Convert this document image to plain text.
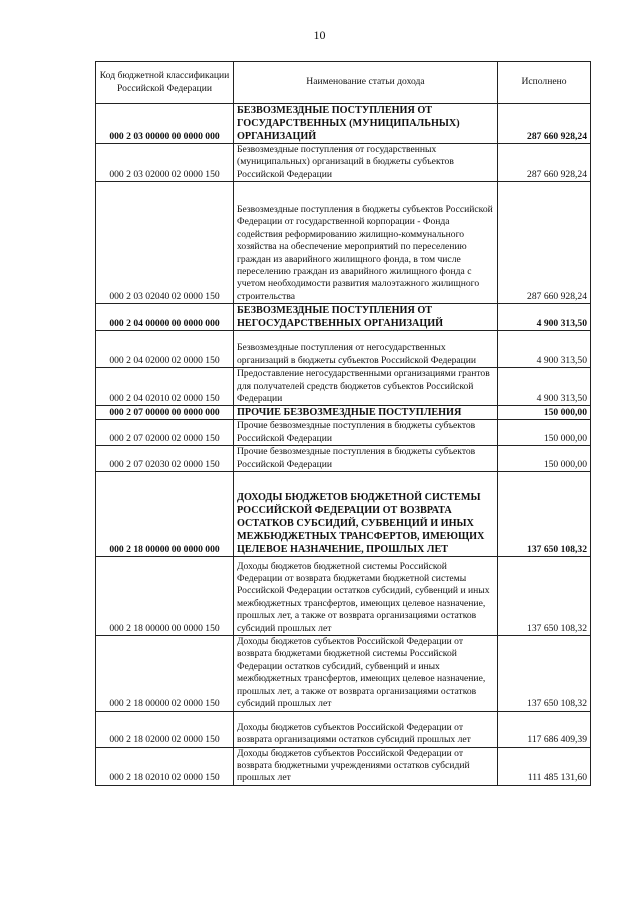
10
Код бюджетной классификации Российской Федерации	Наименование статьи дохода	Исполнено
000 2 03 00000 00 0000 000	БЕЗВОЗМЕЗДНЫЕ ПОСТУПЛЕНИЯ ОТ ГОСУДАРСТВЕННЫХ (МУНИЦИПАЛЬНЫХ) ОРГАНИЗАЦИЙ	287 660 928,24
000 2 03 02000 02 0000 150	Безвозмездные поступления от государственных (муниципальных) организаций в бюджеты субъектов Российской Федерации	287 660 928,24
000 2 03 02040 02 0000 150	Безвозмездные поступления в бюджеты субъектов Российской Федерации от государственной корпорации - Фонда содействия реформированию жилищно-коммунального хозяйства на обеспечение мероприятий по переселению граждан из аварийного жилищного фонда, в том числе переселению граждан из аварийного жилищного фонда с учетом необходимости развития малоэтажного жилищного строительства	287 660 928,24
000 2 04 00000 00 0000 000	БЕЗВОЗМЕЗДНЫЕ ПОСТУПЛЕНИЯ ОТ НЕГОСУДАРСТВЕННЫХ ОРГАНИЗАЦИЙ	4 900 313,50
000 2 04 02000 02 0000 150	Безвозмездные поступления от негосударственных организаций в бюджеты субъектов Российской Федерации	4 900 313,50
000 2 04 02010 02 0000 150	Предоставление негосударственными организациями грантов для получателей средств бюджетов субъектов Российской Федерации	4 900 313,50
000 2 07 00000 00 0000 000	ПРОЧИЕ БЕЗВОЗМЕЗДНЫЕ ПОСТУПЛЕНИЯ	150 000,00
000 2 07 02000 02 0000 150	Прочие безвозмездные поступления в бюджеты субъектов Российской Федерации	150 000,00
000 2 07 02030 02 0000 150	Прочие безвозмездные поступления в бюджеты субъектов Российской Федерации	150 000,00
000 2 18 00000 00 0000 000	ДОХОДЫ БЮДЖЕТОВ БЮДЖЕТНОЙ СИСТЕМЫ РОССИЙСКОЙ ФЕДЕРАЦИИ ОТ ВОЗВРАТА ОСТАТКОВ СУБСИДИЙ, СУБВЕНЦИЙ И ИНЫХ МЕЖБЮДЖЕТНЫХ ТРАНСФЕРТОВ, ИМЕЮЩИХ ЦЕЛЕВОЕ НАЗНАЧЕНИЕ, ПРОШЛЫХ ЛЕТ	137 650 108,32
000 2 18 00000 00 0000 150	Доходы бюджетов бюджетной системы Российской Федерации от возврата бюджетами бюджетной системы Российской Федерации остатков субсидий, субвенций и иных межбюджетных трансфертов, имеющих целевое назначение, прошлых лет, а также от возврата организациями остатков субсидий прошлых лет	137 650 108,32
000 2 18 00000 02 0000 150	Доходы бюджетов субъектов Российской Федерации от возврата бюджетами бюджетной системы Российской Федерации остатков субсидий, субвенций и иных межбюджетных трансфертов, имеющих целевое назначение, прошлых лет, а также от возврата организациями остатков субсидий прошлых лет	137 650 108,32
000 2 18 02000 02 0000 150	Доходы бюджетов субъектов Российской Федерации от возврата организациями остатков субсидий прошлых лет	117 686 409,39
000 2 18 02010 02 0000 150	Доходы бюджетов субъектов Российской Федерации от возврата бюджетными учреждениями остатков субсидий прошлых лет	111 485 131,60
